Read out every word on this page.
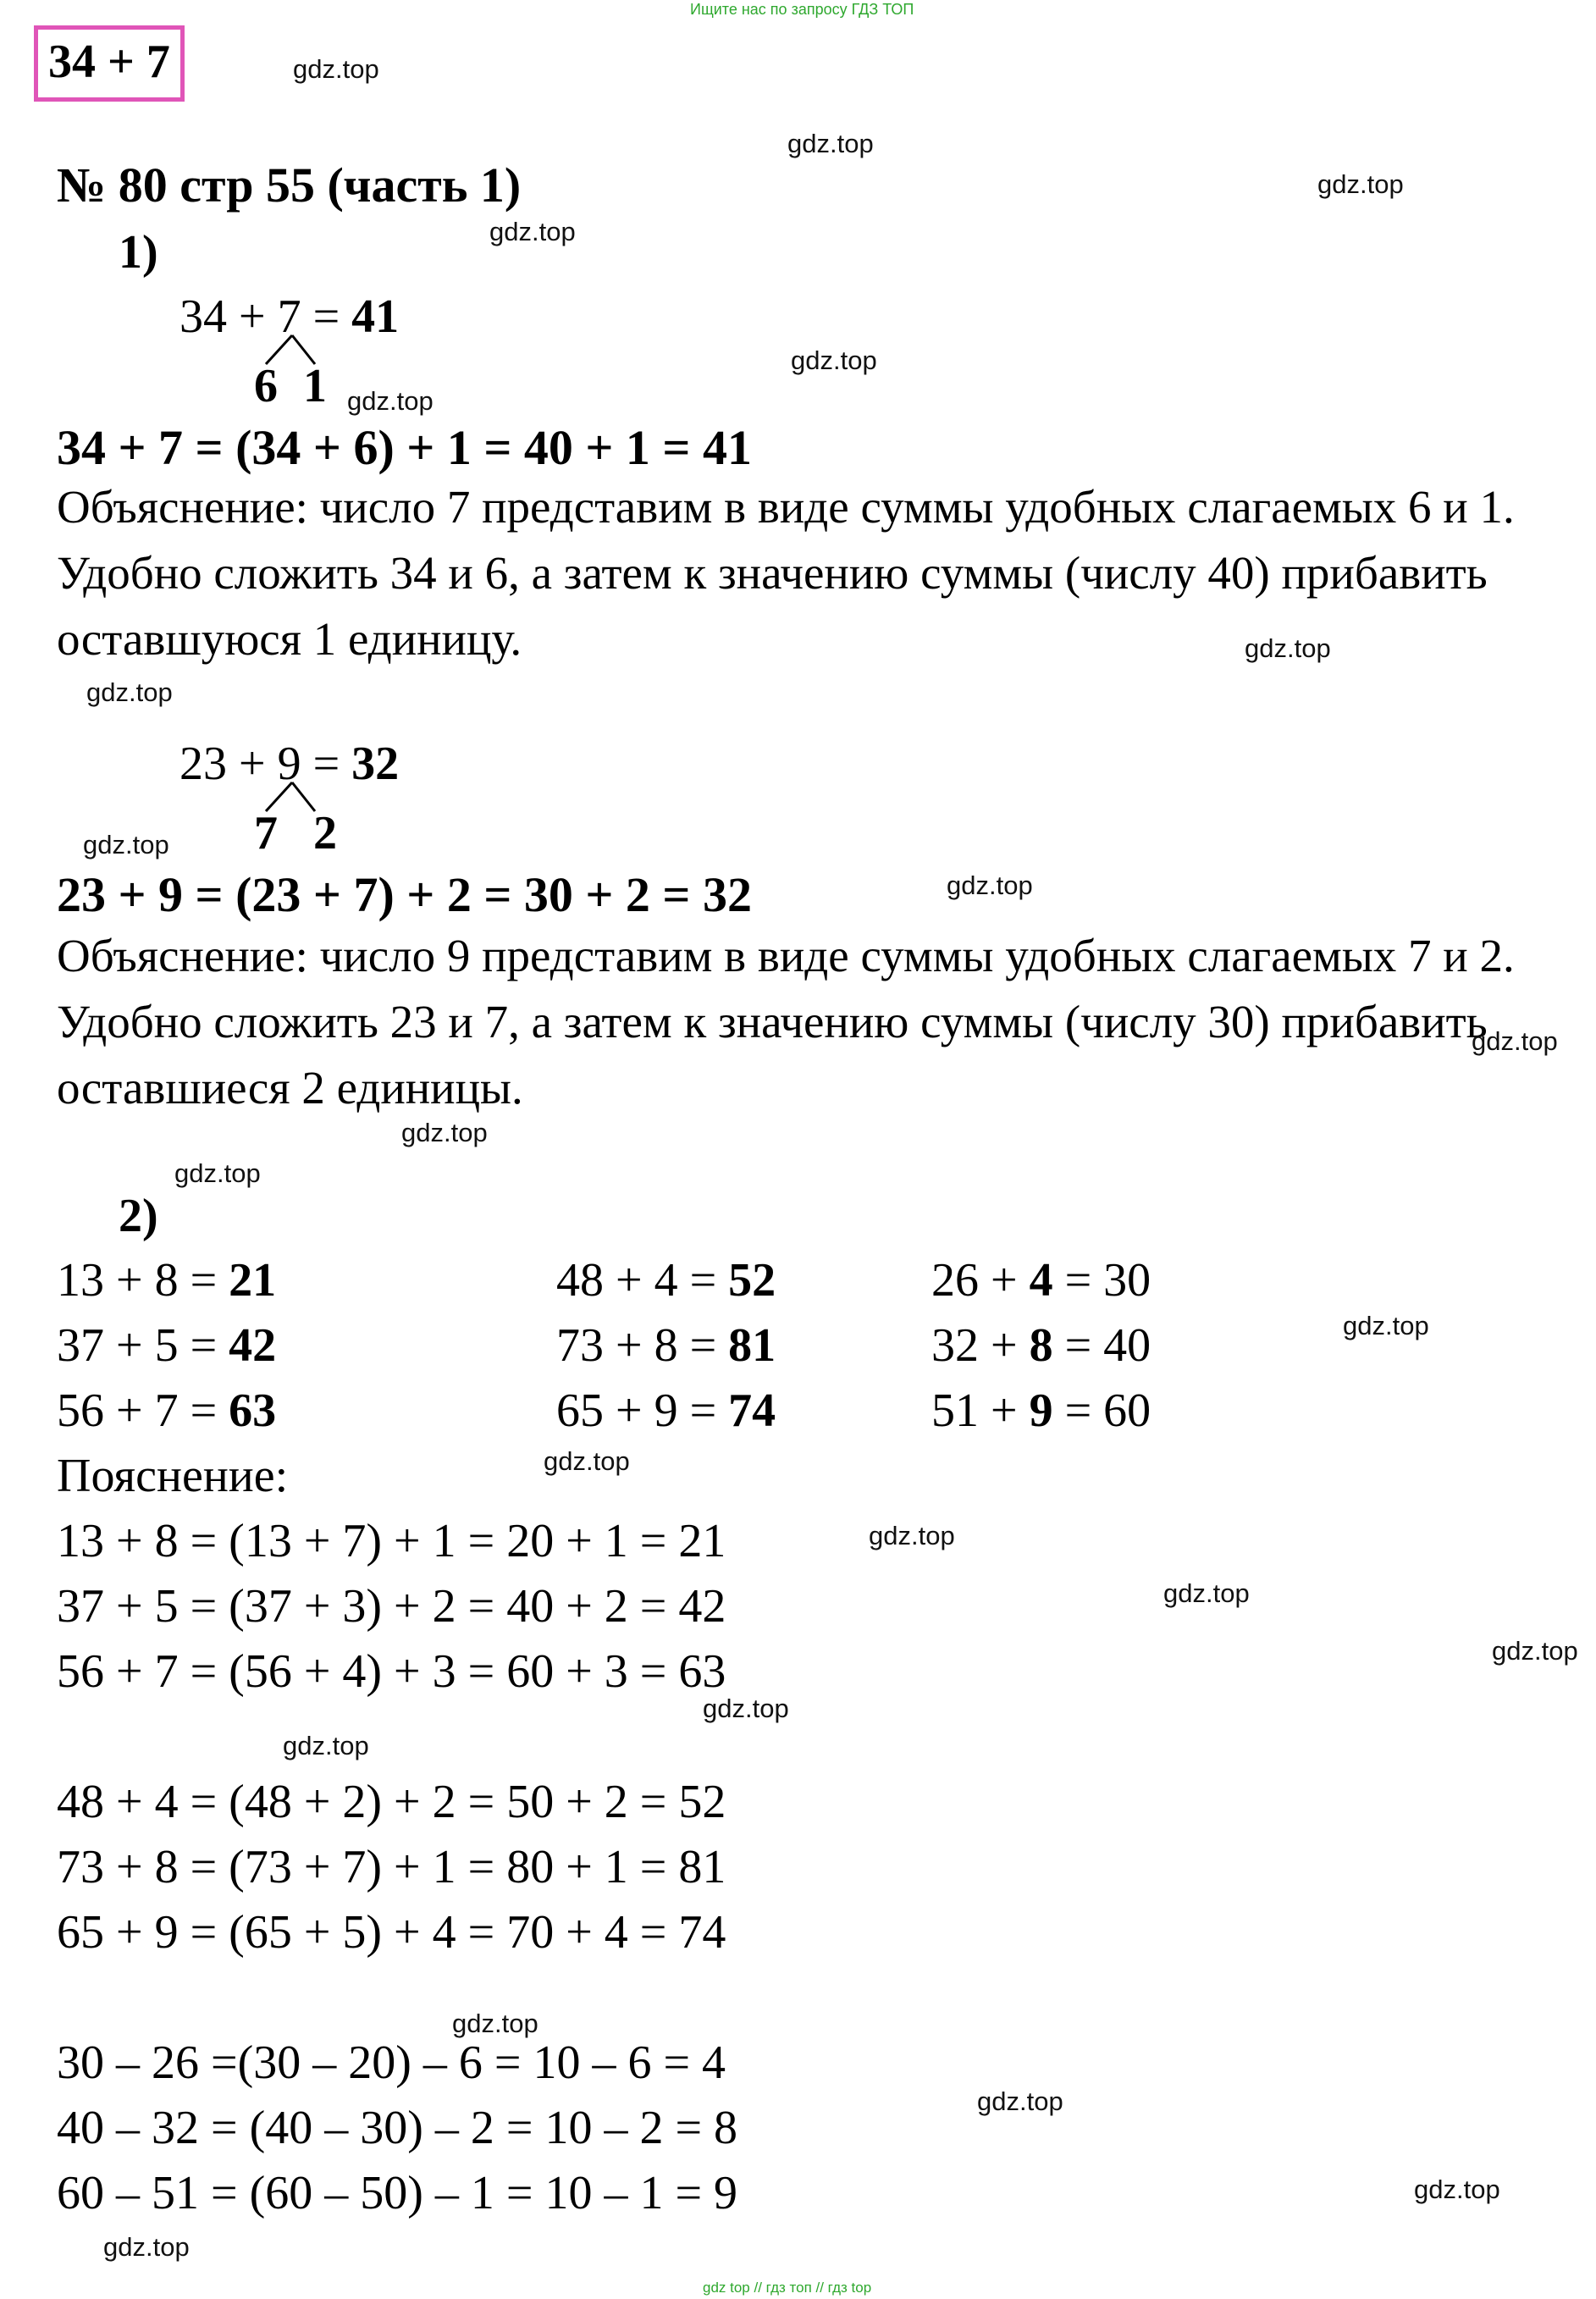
Ищите нас по запросу ГДЗ ТОП
34 + 7
№ 80 стр 55 (часть 1)
1)
34 + 7 = 41
6 1
34 + 7 = (34 + 6) + 1 = 40 + 1 = 41
Объяснение: число 7 представим в виде суммы удобных слагаемых 6 и 1. Удобно сложить 34 и 6, а затем к значению суммы (числу 40) прибавить оставшуюся 1 единицу.
23 + 9 = 32
7 2
23 + 9 = (23 + 7) + 2 = 30 + 2 = 32
Объяснение: число 9 представим в виде суммы удобных слагаемых 7 и 2. Удобно сложить 23 и 7, а затем к значению суммы (числу 30) прибавить оставшиеся 2 единицы.
2)
13 + 8 = 21
37 + 5 = 42
56 + 7 = 63
48 + 4 = 52
73 + 8 = 81
65 + 9 = 74
26 + 4 = 30
32 + 8 = 40
51 + 9 = 60
Пояснение:
13 + 8 = (13 + 7) + 1 = 20 + 1 = 21
37 + 5 = (37 + 3) + 2 = 40 + 2 = 42
56 + 7 = (56 + 4) + 3 = 60 + 3 = 63
48 + 4 = (48 + 2) + 2 = 50 + 2 = 52
73 + 8 = (73 + 7) + 1 = 80 + 1 = 81
65 + 9 = (65 + 5) + 4 = 70 + 4 = 74
30 – 26 =(30 – 20) – 6 = 10 – 6 = 4
40 – 32 = (40 – 30) – 2 = 10 – 2 = 8
60 – 51 = (60 – 50) – 1 = 10 – 1 = 9
gdz.top
gdz.top
gdz.top
gdz.top
gdz.top
gdz.top
gdz.top
gdz.top
gdz.top
gdz.top
gdz.top
gdz.top
gdz.top
gdz.top
gdz.top
gdz.top
gdz.top
gdz.top
gdz.top
gdz.top
gdz.top
gdz.top
gdz.top
gdz.top
gdz top // гдз топ // гдз top
